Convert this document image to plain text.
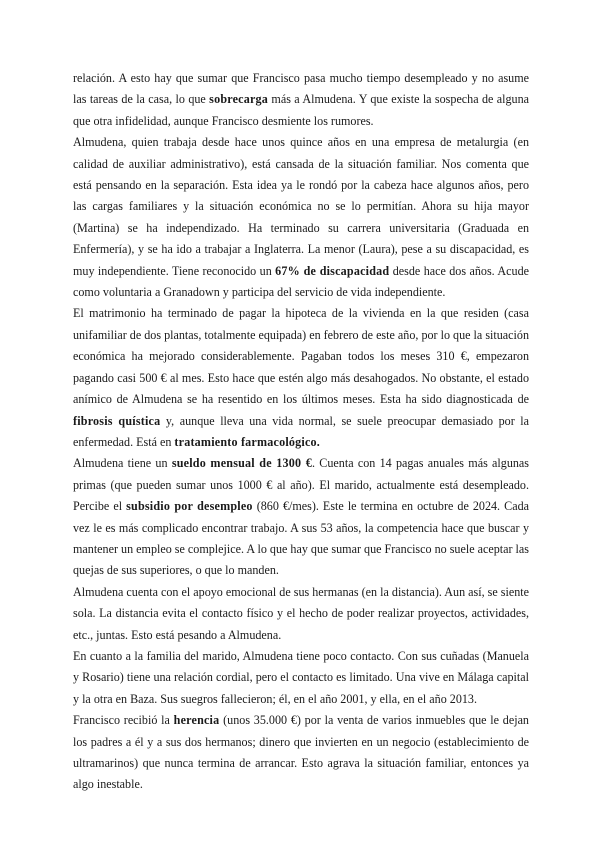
relación. A esto hay que sumar que Francisco pasa mucho tiempo desempleado y no asume las tareas de la casa, lo que sobrecarga más a Almudena. Y que existe la sospecha de alguna que otra infidelidad, aunque Francisco desmiente los rumores.

Almudena, quien trabaja desde hace unos quince años en una empresa de metalurgia (en calidad de auxiliar administrativo), está cansada de la situación familiar. Nos comenta que está pensando en la separación. Esta idea ya le rondó por la cabeza hace algunos años, pero las cargas familiares y la situación económica no se lo permitían. Ahora su hija mayor (Martina) se ha independizado. Ha terminado su carrera universitaria (Graduada en Enfermería), y se ha ido a trabajar a Inglaterra. La menor (Laura), pese a su discapacidad, es muy independiente. Tiene reconocido un 67% de discapacidad desde hace dos años. Acude como voluntaria a Granadown y participa del servicio de vida independiente.

El matrimonio ha terminado de pagar la hipoteca de la vivienda en la que residen (casa unifamiliar de dos plantas, totalmente equipada) en febrero de este año, por lo que la situación económica ha mejorado considerablemente. Pagaban todos los meses 310 €, empezaron pagando casi 500 € al mes. Esto hace que estén algo más desahogados. No obstante, el estado anímico de Almudena se ha resentido en los últimos meses. Esta ha sido diagnosticada de fibrosis quística y, aunque lleva una vida normal, se suele preocupar demasiado por la enfermedad. Está en tratamiento farmacológico.

Almudena tiene un sueldo mensual de 1300 €. Cuenta con 14 pagas anuales más algunas primas (que pueden sumar unos 1000 € al año). El marido, actualmente está desempleado. Percibe el subsidio por desempleo (860 €/mes). Este le termina en octubre de 2024. Cada vez le es más complicado encontrar trabajo. A sus 53 años, la competencia hace que buscar y mantener un empleo se complejice. A lo que hay que sumar que Francisco no suele aceptar las quejas de sus superiores, o que lo manden.

Almudena cuenta con el apoyo emocional de sus hermanas (en la distancia). Aun así, se siente sola. La distancia evita el contacto físico y el hecho de poder realizar proyectos, actividades, etc., juntas. Esto está pesando a Almudena.

En cuanto a la familia del marido, Almudena tiene poco contacto. Con sus cuñadas (Manuela y Rosario) tiene una relación cordial, pero el contacto es limitado. Una vive en Málaga capital y la otra en Baza. Sus suegros fallecieron; él, en el año 2001, y ella, en el año 2013.

Francisco recibió la herencia (unos 35.000 €) por la venta de varios inmuebles que le dejan los padres a él y a sus dos hermanos; dinero que invierten en un negocio (establecimiento de ultramarinos) que nunca termina de arrancar. Esto agrava la situación familiar, entonces ya algo inestable.
